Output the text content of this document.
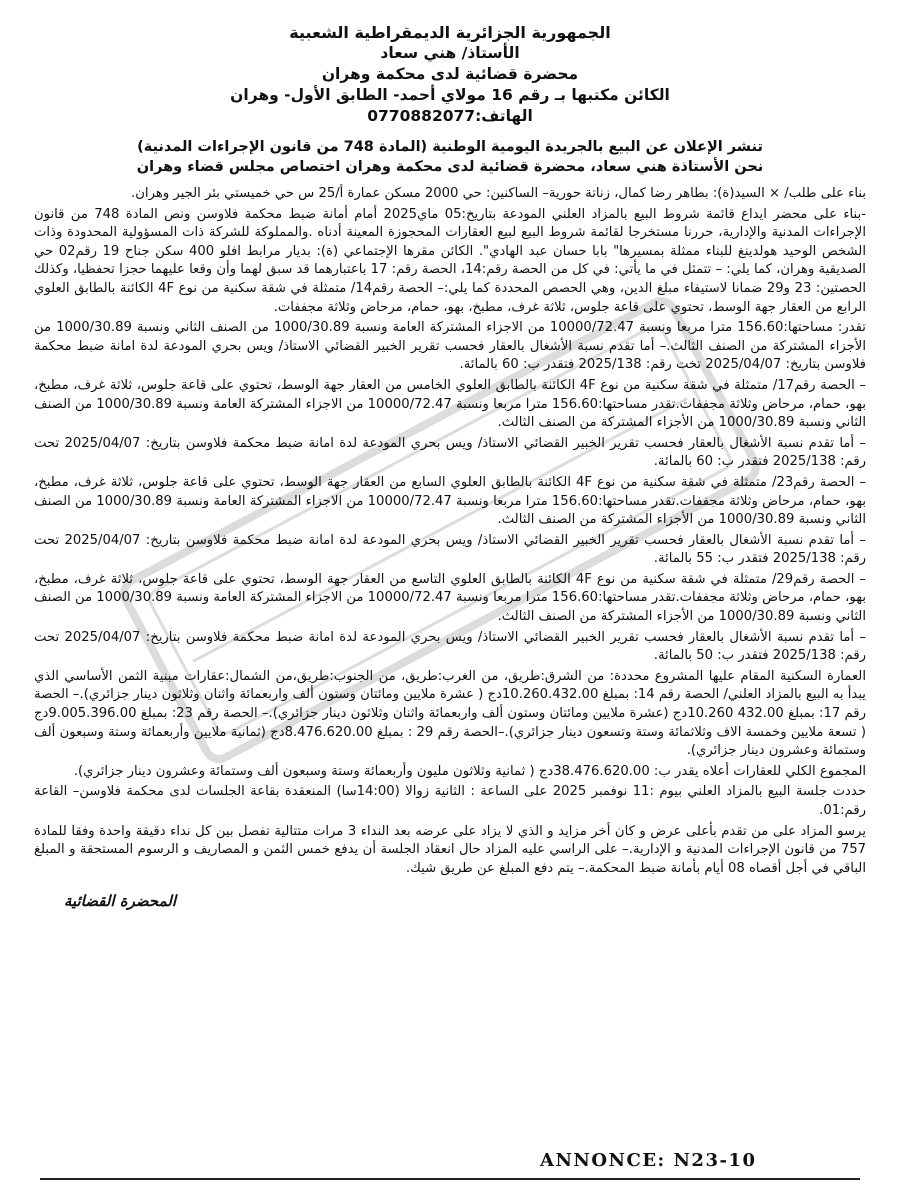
الجمهورية الجزائرية الديمقراطية الشعبية
الأستاذ/ هني سعاد
محضرة قضائية لدى محكمة وهران
الكائن مكتبها بـ رقم 16 مولاي أحمد- الطابق الأول- وهران
الهاتف:0770882077
تنشر الإعلان عن البيع بالجريدة اليومية الوطنية (المادة 748 من قانون الإجراءات المدنية)
نحن الأستاذة هني سعاد، محضرة قضائية لدى محكمة وهران اختصاص مجلس قضاء وهران

بناء على طلب/ × السيد(ة): بطاهر رضا كمال، زناتة حورية– الساكنين: حي 2000 مسكن عمارة أ/25 س حي خميستي بئر الجير وهران.

-بناء على محضر ايداع قائمة شروط البيع بالمزاد العلني المودعة بتاريخ:05 ماي2025 أمام أمانة ضبط محكمة فلاوسن ونص المادة 748 من قانون الإجراءات المدنية والإدارية، حررنا مستخرجا لقائمة شروط البيع لبيع العقارات المحجوزة المعينة أدناه .والمملوكة للشركة ذات المسؤولية المحدودة وذات الشخص الوحيد هولدينغ للبناء ممثلة بمسيرها" بابا حسان عبد الهادي". الكائن مقرها الإجتماعي (ة): بديار مرابط افلو 400 سكن جناح 19 رقم02 حي الصديقية وهران، كما يلي: – تتمثل في ما يأتي: في كل من الحصة رقم:14، الحصة رقم: 17 باعتبارهما قد سبق لهما وأن وقعا عليهما حجزا تحفظيا، وكذلك الحصتين: 23 و29 ضمانا لاستيفاء مبلغ الدين، وهي الحصص المحددة كما يلي:– الحصة رقم14/ متمثلة في شقة سكنية من نوع 4F الكائنة بالطابق العلوي الرابع من العقار جهة الوسط، تحتوي على قاعة جلوس، ثلاثة غرف، مطبخ، بهو، حمام، مرحاض وثلاثة مجففات.

تقدر: مساحتها:156.60 مترا مربعا ونسبة 10000/72.47 من الاجزاء المشتركة العامة ونسبة 1000/30.89 من الصنف الثاني ونسبة 1000/30.89 من الأجزاء المشتركة من الصنف الثالث.– أما تقدم نسبة الأشغال بالعقار فحسب تقرير الخبير القضائي الاستاذ/ ويس بحري المودعة لدة امانة ضبط محكمة فلاوسن بتاريخ: 2025/04/07 تخت رقم: 2025/138 فتقدر ب: 60 بالمائة.

– الحصة رقم17/ متمثلة في شقة سكنية من نوع 4F الكائنة بالطابق العلوي الخامس من العقار جهة الوسط، تحتوي على قاعة جلوس، ثلاثة غرف، مطبخ، بهو، حمام، مرحاض وثلاثة مجففات.تقدر مساحتها:156.60 مترا مربعا ونسبة 10000/72.47 من الاجزاء المشتركة العامة ونسبة 1000/30.89 من الصنف الثاني ونسبة 1000/30.89 من الأجزاء المشتركة من الصنف الثالث.

– أما تقدم نسبة الأشغال بالعقار فحسب تقرير الخبير القضائي الاستاذ/ ويس بحري المودعة لدة امانة ضبط محكمة فلاوسن بتاريخ: 2025/04/07 تحت رقم: 2025/138 فتقدر ب: 60 بالمائة.

– الحصة رقم23/ متمثلة في شقة سكنية من نوع 4F الكائنة بالطابق العلوي السابع من العقار جهة الوسط، تحتوي على قاعة جلوس، ثلاثة غرف، مطبخ، بهو، حمام، مرحاض وثلاثة مجففات.تقدر مساحتها:156.60 مترا مربعا ونسبة 10000/72.47 من الاجزاء المشتركة العامة ونسبة 1000/30.89 من الصنف الثاني ونسبة 1000/30.89 من الأجزاء المشتركة من الصنف الثالث.

– أما تقدم نسبة الأشغال بالعقار فحسب تقرير الخبير القضائي الاستاذ/ ويس بحري المودعة لدة امانة ضبط محكمة فلاوسن بتاريخ: 2025/04/07 تحت رقم: 2025/138 فتقدر ب: 55 بالمائة.

– الحصة رقم29/ متمثلة في شقة سكنية من نوع 4F الكائنة بالطابق العلوي التاسع من العقار جهة الوسط، تحتوي على قاعة جلوس، ثلاثة غرف، مطبخ، بهو، حمام، مرحاض وثلاثة مجففات.تقدر مساحتها:156.60 مترا مربعا ونسبة 10000/72.47 من الاجزاء المشتركة العامة ونسبة 1000/30.89 من الصنف الثاني ونسبة 1000/30.89 من الأجزاء المشتركة من الصنف الثالث.

– أما تقدم نسبة الأشغال بالعقار فحسب تقرير الخبير القضائي الاستاذ/ ويس بحري المودعة لدة امانة ضبط محكمة فلاوسن بتاريخ: 2025/04/07 تحت رقم: 2025/138 فتقدر ب: 50 بالمائة.

العمارة السكنية المقام عليها المشروع محددة: من الشرق:طريق، من الغرب:طريق، من الجنوب:طريق،من الشمال:عقارات مبنية الثمن الأساسي الذي يبدأ به البيع بالمزاد العلني/ الحصة رقم 14: بمبلغ 10.260.432.00دج ( عشرة ملايين ومائتان وستون ألف واربعمائة واثنان وثلاثون دينار جزائري).– الحصة رقم 17: بمبلغ 432.00 10.260دج (عشرة ملايين ومائتان وستون ألف واربعمائة واثنان وثلاثون دينار جزائري).– الحصة رقم 23: بمبلغ 9.005.396.00دج ( تسعة ملايين وخمسة الاف وثلاثمائة وستة وتسعون دينار جزائري).–الحصة رقم 29 : بمبلغ 8.476.620.00دج (ثمانية ملايين وأربعمائة وستة وسبعون ألف وستمائة وعشرون دينار جزائري).

المجموع الكلي للعقارات أعلاه يقدر ب: 38.476.620.00دج ( ثمانية وثلاثون مليون وأربعمائة وستة وسبعون ألف وستمائة وعشرون دينار جزائري).

حددت جلسة البيع بالمزاد العلني بيوم :11 نوفمبر 2025 على الساعة : الثانية زوالا (14:00سا) المنعقدة بقاعة الجلسات لدى محكمة فلاوسن– القاعة رقم:01.

يرسو المزاد على من تقدم بأعلى عرض و كان أخر مزايد و الذي لا يزاد على عرضه بعد النداء 3 مرات متتالية تفصل بين كل نداء دقيقة واحدة وفقا للمادة 757 من قانون الإجراءات المدنية و الإدارية.– على الراسي عليه المزاد حال انعقاد الجلسة أن يدفع خمس الثمن و المصاريف و الرسوم المستحقة و المبلغ الباقي في أجل أقصاه 08 أيام بأمانة ضبط المحكمة.– يتم دفع المبلغ عن طريق شيك.

المحضرة القضائية
ANNONCE: N23-10
